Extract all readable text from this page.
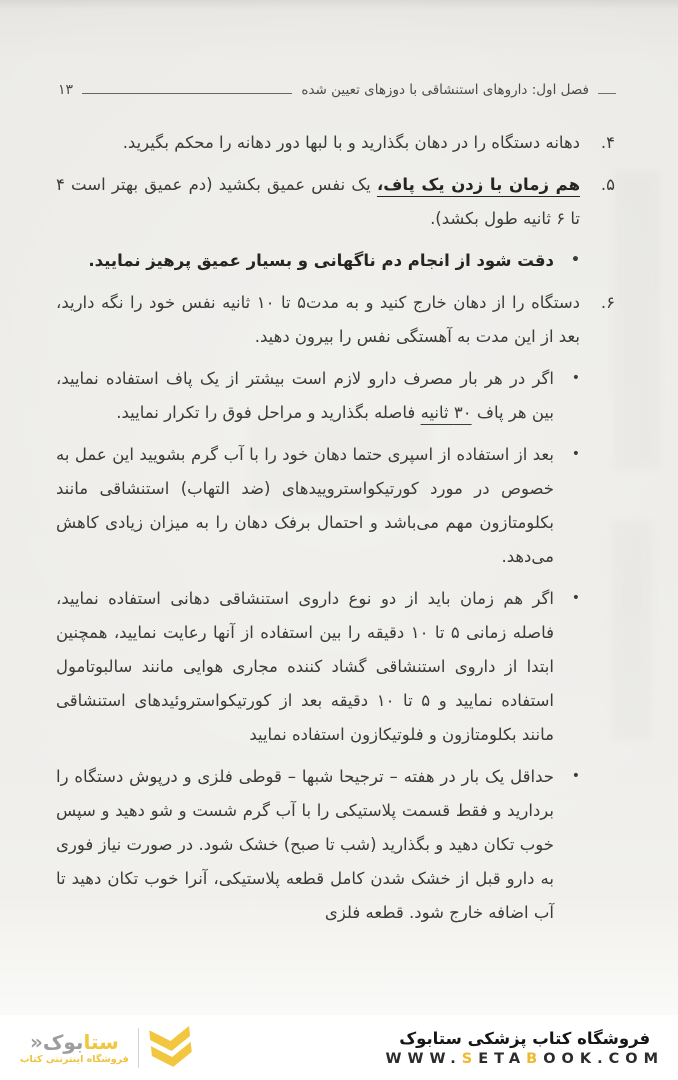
فصل اول: داروهای استنشاقی با دوزهای تعیین شده
۱۳
۴.
دهانه دستگاه را در دهان بگذارید و با لبها دور دهانه را محکم بگیرید.
۵.
هم زمان با زدن یک پاف، یک نفس عمیق بکشید (دم عمیق بهتر است ۴ تا ۶ ثانیه طول بکشد).
•
دقت شود از انجام دم ناگهانی و بسیار عمیق پرهیز نمایید.
۶.
دستگاه را از دهان خارج کنید و به مدت۵ تا ۱۰ ثانیه نفس خود را نگه دارید، بعد از این مدت به آهستگی نفس را بیرون دهید.
•
اگر در هر بار مصرف دارو لازم است بیشتر از یک پاف استفاده نمایید، بین هر پاف ۳۰ ثانیه فاصله بگذارید و مراحل فوق را تکرار نمایید.
•
بعد از استفاده از اسپری حتما دهان خود را با آب گرم بشویید این عمل به خصوص در مورد کورتیکواستروییدهای (ضد التهاب) استنشاقی مانند بکلومتازون مهم می‌باشد و احتمال برفک دهان را به میزان زیادی کاهش می‌دهد.
•
اگر هم زمان باید از دو نوع داروی استنشاقی دهانی استفاده نمایید، فاصله زمانی ۵ تا ۱۰ دقیقه را بین استفاده از آنها رعایت نمایید، همچنین ابتدا از داروی استنشاقی گشاد کننده مجاری هوایی مانند سالبوتامول استفاده نمایید و ۵ تا ۱۰ دقیقه بعد از کورتیکواستروئیدهای استنشاقی مانند بکلومتازون و فلوتیکازون استفاده نمایید
•
حداقل یک بار در هفته – ترجیحا شبها – قوطی فلزی و درپوش دستگاه را بردارید و فقط قسمت پلاستیکی را با آب گرم شست و شو دهید و سپس خوب تکان دهید و بگذارید (شب تا صبح) خشک شود. در صورت نیاز فوری به دارو قبل از خشک شدن کامل قطعه پلاستیکی، آنرا خوب تکان دهید تا آب اضافه خارج شود. قطعه فلزی
فروشگاه کتاب پزشکی ستابوک
WWW.SETABOOK.COM
ستابوک«
فروشگاه اینترنتی کتاب
